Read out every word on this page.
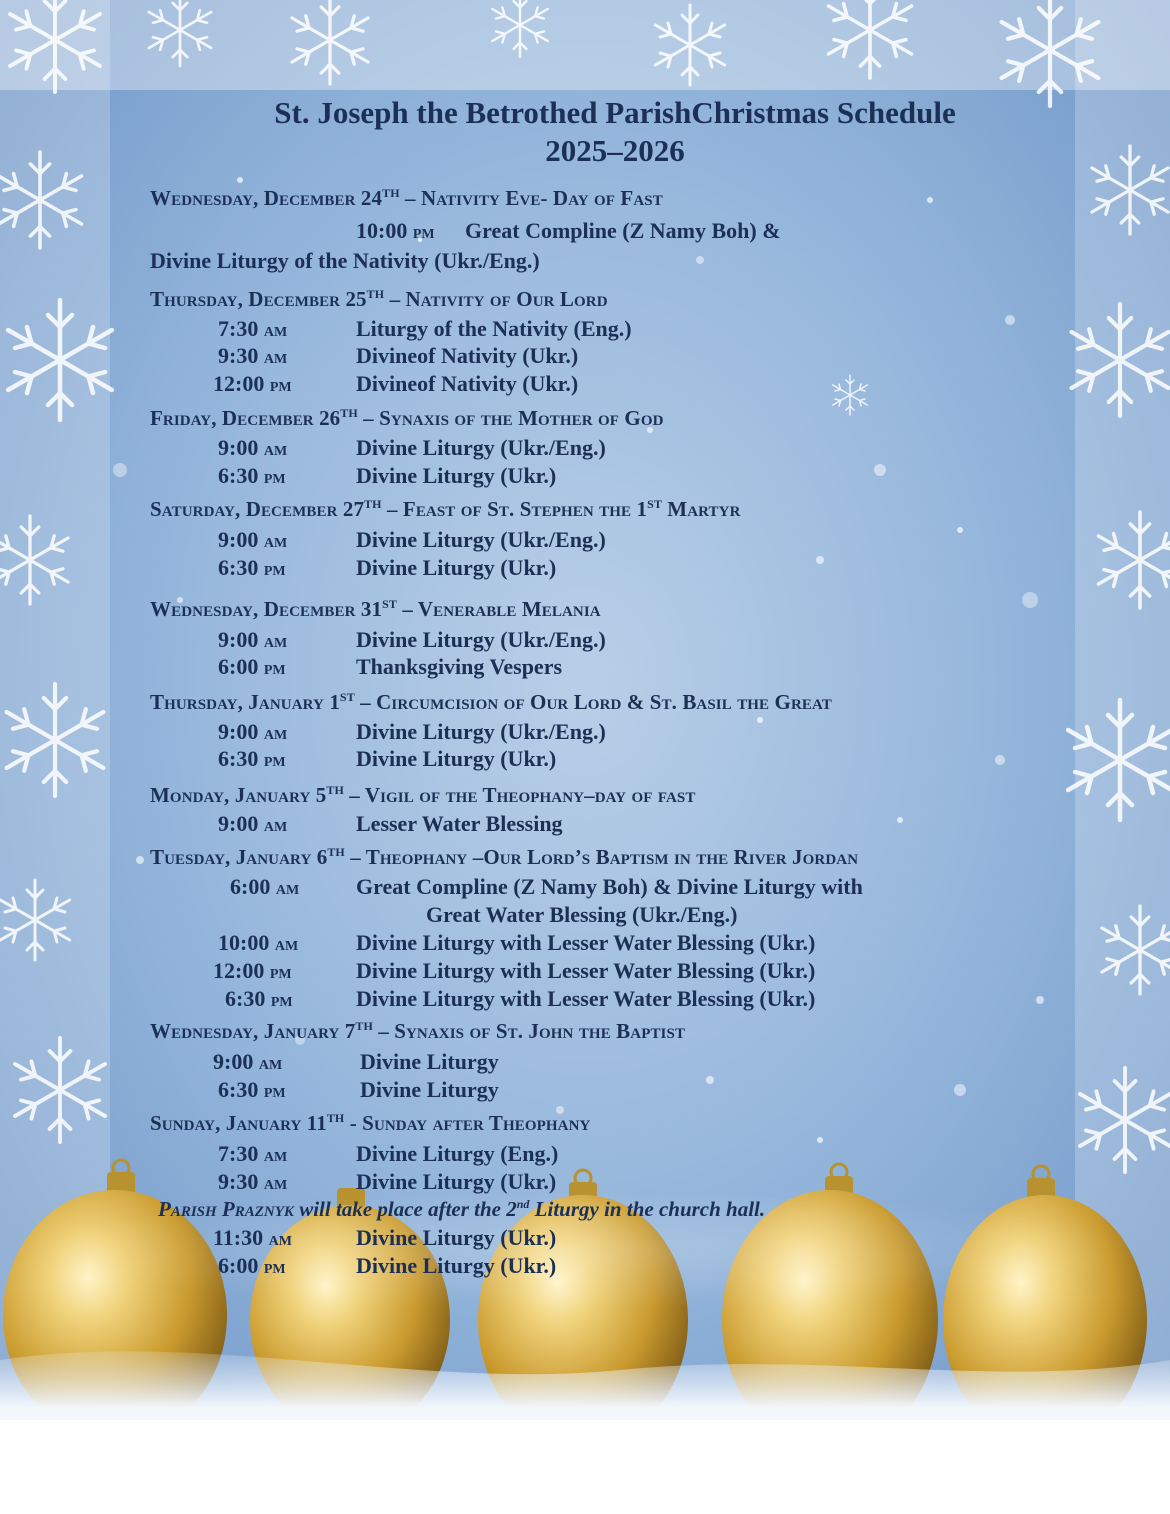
St. Joseph the Betrothed ParishChristmas Schedule
2025–2026
Wednesday, December 24TH – Nativity Eve- Day of Fast
10:00 pm Great Compline (Z Namy Boh) &
Divine Liturgy of the Nativity (Ukr./Eng.)
Thursday, December 25TH – Nativity of Our Lord
7:30 am	Liturgy of the Nativity (Eng.)
9:30 am	Divineof Nativity (Ukr.)
12:00 pm	Divineof Nativity (Ukr.)
Friday, December 26TH – Synaxis of the Mother of God
9:00 am	Divine Liturgy (Ukr./Eng.)
6:30 pm	Divine Liturgy (Ukr.)
Saturday, December 27TH – Feast of St. Stephen the 1ST Martyr
9:00 am	Divine Liturgy (Ukr./Eng.)
6:30 pm	Divine Liturgy (Ukr.)
Wednesday, December 31ST – Venerable Melania
9:00 am	Divine Liturgy (Ukr./Eng.)
6:00 pm	Thanksgiving Vespers
Thursday, January 1ST – Circumcision of Our Lord & St. Basil the Great
9:00 am	Divine Liturgy (Ukr./Eng.)
6:30 pm	Divine Liturgy (Ukr.)
Monday, January 5TH – Vigil of the Theophany–day of fast
9:00 am	Lesser Water Blessing
Tuesday, January 6TH – Theophany –Our Lord’s Baptism in the River Jordan
6:00 am	Great Compline (Z Namy Boh) & Divine Liturgy with
Great Water Blessing (Ukr./Eng.)
10:00 am	Divine Liturgy with Lesser Water Blessing (Ukr.)
12:00 pm	Divine Liturgy with Lesser Water Blessing (Ukr.)
6:30 pm	Divine Liturgy with Lesser Water Blessing (Ukr.)
Wednesday, January 7TH – Synaxis of St. John the Baptist
9:00 am	Divine Liturgy
6:30 pm	Divine Liturgy
Sunday, January 11TH - Sunday after Theophany
7:30 am	Divine Liturgy (Eng.)
9:30 am	Divine Liturgy (Ukr.)
11:30 am	Divine Liturgy (Ukr.)
6:00 pm	Divine Liturgy (Ukr.)
Parish Praznyk will take place after the 2nd Liturgy in the church hall.
